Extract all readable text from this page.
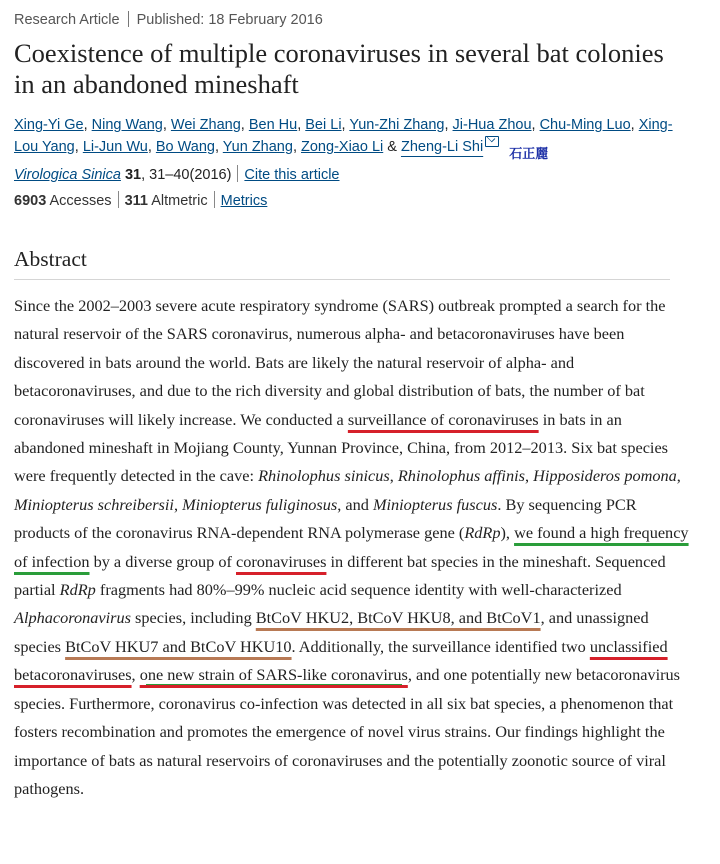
Research Article Published: 18 February 2016
Coexistence of multiple coronaviruses in several bat colonies in an abandoned mineshaft
Xing-Yi Ge, Ning Wang, Wei Zhang, Ben Hu, Bei Li, Yun-Zhi Zhang, Ji-Hua Zhou, Chu-Ming Luo, Xing-Lou Yang, Li-Jun Wu, Bo Wang, Yun Zhang, Zong-Xiao Li & Zheng-Li Shi 石正麗
Virologica Sinica 31, 31–40(2016) Cite this article
6903 Accesses 311 Altmetric Metrics
Abstract
Since the 2002–2003 severe acute respiratory syndrome (SARS) outbreak prompted a search for the natural reservoir of the SARS coronavirus, numerous alpha- and betacoronaviruses have been discovered in bats around the world. Bats are likely the natural reservoir of alpha- and betacoronaviruses, and due to the rich diversity and global distribution of bats, the number of bat coronaviruses will likely increase. We conducted a surveillance of coronaviruses in bats in an abandoned mineshaft in Mojiang County, Yunnan Province, China, from 2012–2013. Six bat species were frequently detected in the cave: Rhinolophus sinicus, Rhinolophus affinis, Hipposideros pomona, Miniopterus schreibersii, Miniopterus fuliginosus, and Miniopterus fuscus. By sequencing PCR products of the coronavirus RNA-dependent RNA polymerase gene (RdRp), we found a high frequency of infection by a diverse group of coronaviruses in different bat species in the mineshaft. Sequenced partial RdRp fragments had 80%–99% nucleic acid sequence identity with well-characterized Alphacoronavirus species, including BtCoV HKU2, BtCoV HKU8, and BtCoV1, and unassigned species BtCoV HKU7 and BtCoV HKU10. Additionally, the surveillance identified two unclassified betacoronaviruses, one new strain of SARS-like coronavirus, and one potentially new betacoronavirus species. Furthermore, coronavirus co-infection was detected in all six bat species, a phenomenon that fosters recombination and promotes the emergence of novel virus strains. Our findings highlight the importance of bats as natural reservoirs of coronaviruses and the potentially zoonotic source of viral pathogens.
